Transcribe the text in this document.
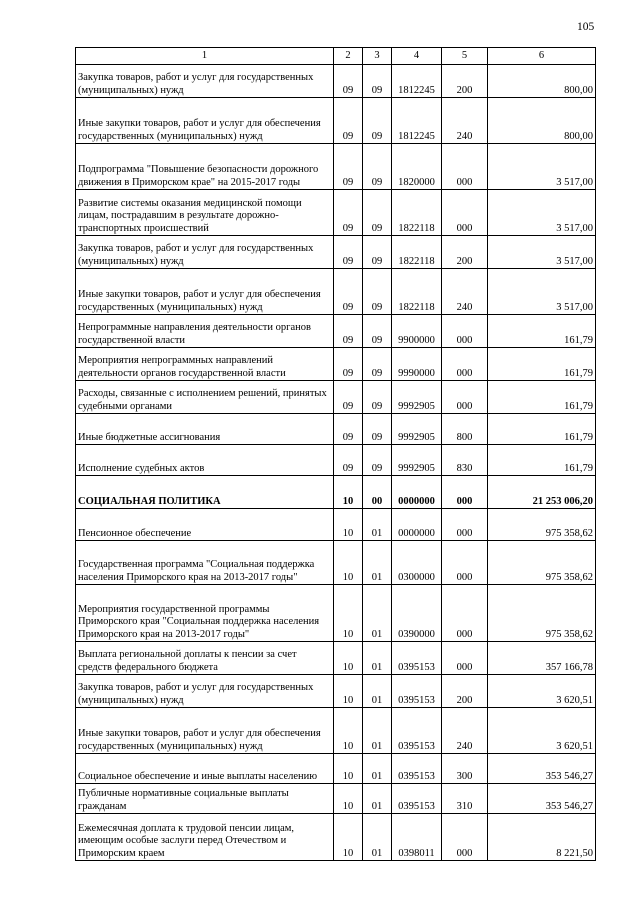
105
1	2	3	4	5	6
Закупка товаров, работ и услуг для государственных (муниципальных) нужд	09	09	1812245	200	800,00
Иные закупки товаров, работ и услуг для обеспечения государственных (муниципальных) нужд	09	09	1812245	240	800,00
Подпрограмма "Повышение безопасности дорожного движения в Приморском крае" на 2015-2017 годы	09	09	1820000	000	3 517,00
Развитие системы оказания медицинской помощи лицам, пострадавшим в результате дорожно-транспортных происшествий	09	09	1822118	000	3 517,00
Закупка товаров, работ и услуг для государственных (муниципальных) нужд	09	09	1822118	200	3 517,00
Иные закупки товаров, работ и услуг для обеспечения государственных (муниципальных) нужд	09	09	1822118	240	3 517,00
Непрограммные направления деятельности органов государственной власти	09	09	9900000	000	161,79
Мероприятия непрограммных направлений деятельности органов государственной власти	09	09	9990000	000	161,79
Расходы, связанные с исполнением решений, принятых судебными органами	09	09	9992905	000	161,79
Иные бюджетные ассигнования	09	09	9992905	800	161,79
Исполнение судебных актов	09	09	9992905	830	161,79
СОЦИАЛЬНАЯ ПОЛИТИКА	10	00	0000000	000	21 253 006,20
Пенсионное обеспечение	10	01	0000000	000	975 358,62
Государственная программа "Социальная поддержка населения Приморского края на 2013-2017 годы"	10	01	0300000	000	975 358,62
Мероприятия государственной программы Приморского края "Социальная поддержка населения Приморского края на 2013-2017 годы"	10	01	0390000	000	975 358,62
Выплата региональной доплаты к пенсии за счет средств федерального бюджета	10	01	0395153	000	357 166,78
Закупка товаров, работ и услуг для государственных (муниципальных) нужд	10	01	0395153	200	3 620,51
Иные закупки товаров, работ и услуг для обеспечения государственных (муниципальных) нужд	10	01	0395153	240	3 620,51
Социальное обеспечение и иные выплаты населению	10	01	0395153	300	353 546,27
Публичные нормативные социальные выплаты гражданам	10	01	0395153	310	353 546,27
Ежемесячная доплата к трудовой пенсии лицам, имеющим особые заслуги перед Отечеством и Приморским краем	10	01	0398011	000	8 221,50
